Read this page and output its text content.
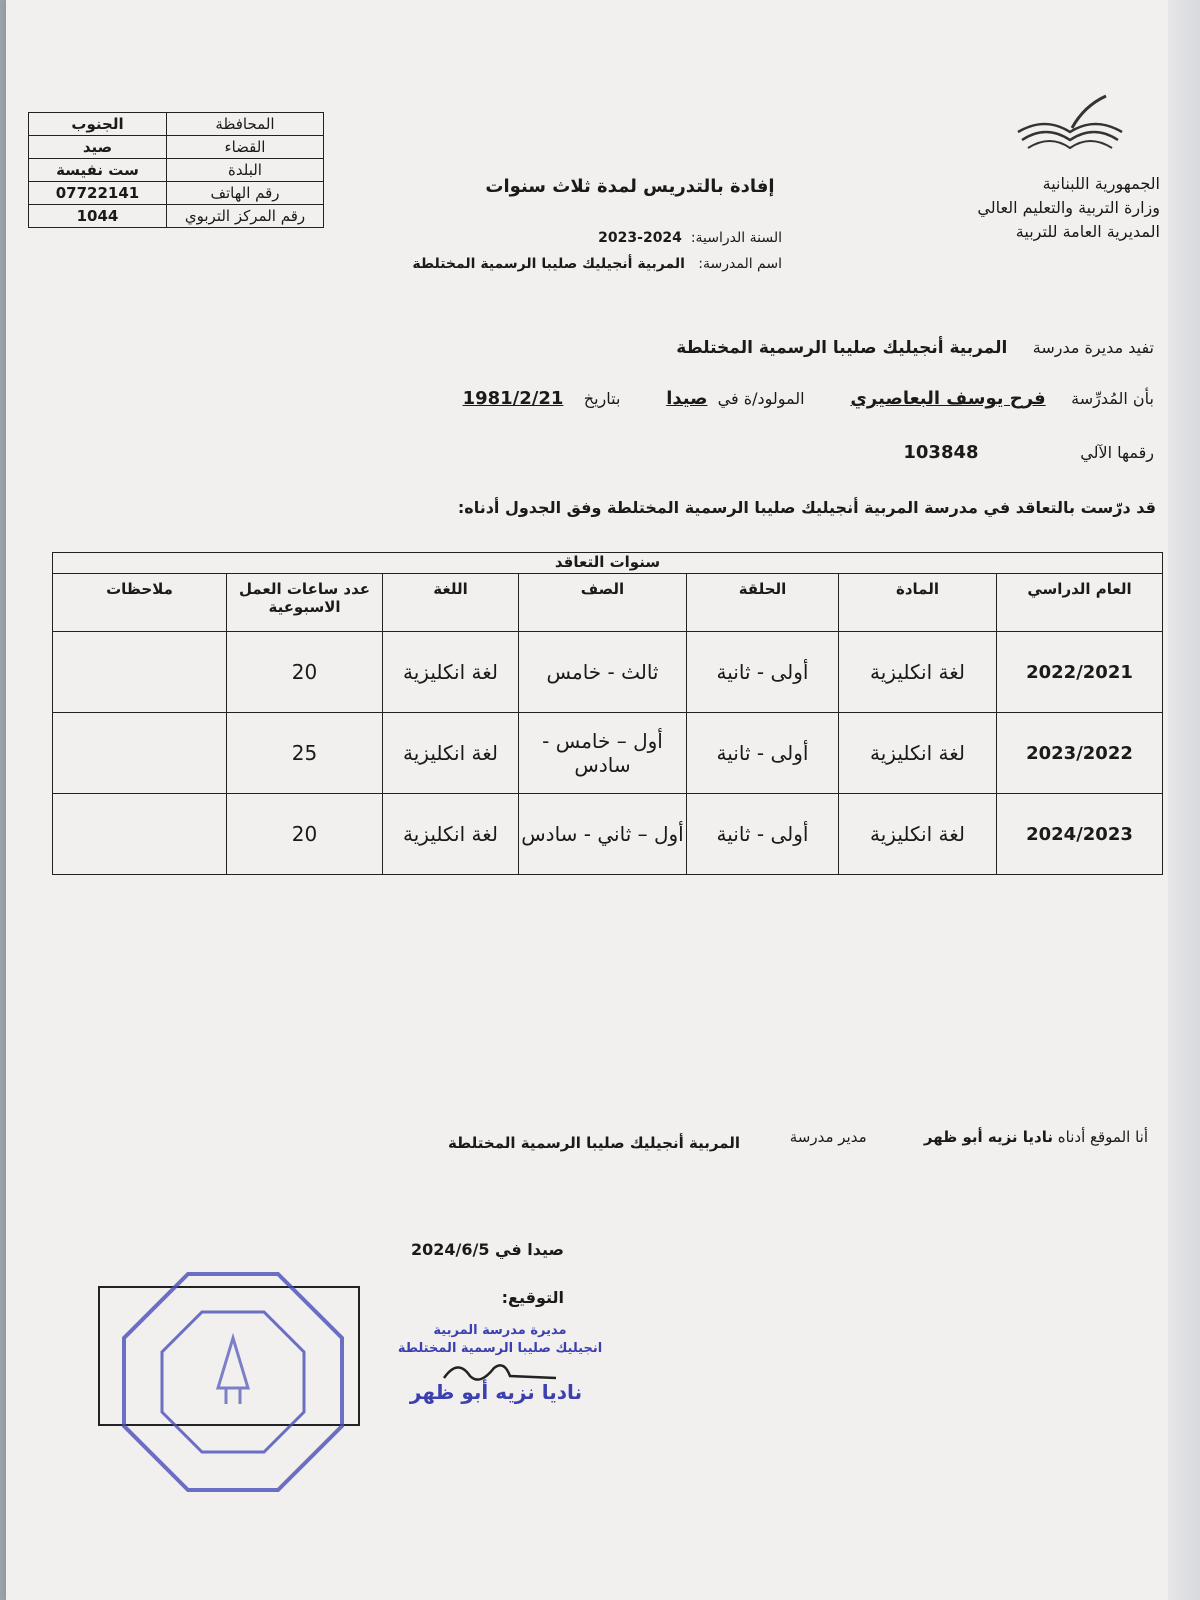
المحافظة	الجنوب
القضاء	صيد
البلدة	ست نفيسة
رقم الهاتف	07722141
رقم المركز التربوي	1044
الجمهورية اللبنانية
وزارة التربية والتعليم العالي
المديرية العامة للتربية
إفادة بالتدريس لمدة ثلاث سنوات
السنة الدراسية:  2024-2023
اسم المدرسة:   المربية أنجيليك صليبا الرسمية المختلطة
تفيد مديرة مدرسة     المربية أنجيليك صليبا الرسمية المختلطة
بأن المُدرِّسة     فرح يوسف البعاصيري         المولود/ة في  صيدا         بتاريخ    1981/2/21
رقمها الآلي                    103848
قد درّست بالتعاقد في مدرسة المربية أنجيليك صليبا الرسمية المختلطة وفق الجدول أدناه:
سنوات التعاقد						
العام الدراسي	المادة	الحلقة	الصف	اللغة	عدد ساعات العمل الاسبوعية	ملاحظات
2022/2021	لغة انكليزية	أولى - ثانية	ثالث - خامس	لغة انكليزية	20	
2023/2022	لغة انكليزية	أولى - ثانية	أول – خامس - سادس	لغة انكليزية	25	
2024/2023	لغة انكليزية	أولى - ثانية	أول – ثاني - سادس	لغة انكليزية	20	
أنا الموقع أدناه ناديا نزيه أبو ظهر            مدير مدرسة
المربية أنجيليك صليبا الرسمية المختلطة
صيدا في 2024/6/5
التوقيع:
مديرة مدرسة المربية
انجيليك صليبا الرسمية المختلطة
ناديا نزيه أبو ظهر
